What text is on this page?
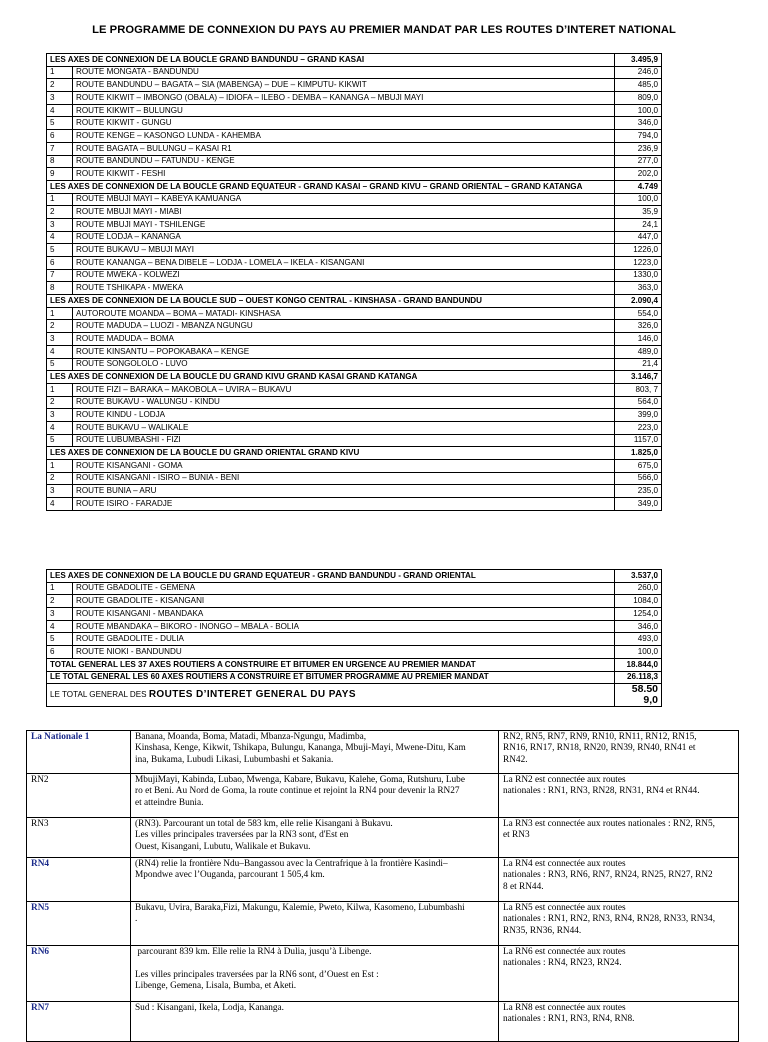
LE PROGRAMME DE CONNEXION DU PAYS AU PREMIER MANDAT PAR LES ROUTES D’INTERET NATIONAL
LES AXES DE CONNEXION DE LA BOUCLE GRAND BANDUNDU – GRAND KASAI		3.495,9
1	ROUTE MONGATA - BANDUNDU	246,0
2	ROUTE BANDUNDU – BAGATA – SIA (MABENGA) – DUE – KIMPUTU- KIKWIT	485,0
3	ROUTE KIKWIT – IMBONGO (OBALA) – IDIOFA – ILEBO - DEMBA – KANANGA – MBUJI MAYI	809,0
4	ROUTE KIKWIT – BULUNGU	100,0
5	ROUTE KIKWIT - GUNGU	346,0
6	ROUTE KENGE – KASONGO LUNDA - KAHEMBA	794,0
7	ROUTE BAGATA – BULUNGU – KASAI R1	236,9
8	ROUTE BANDUNDU – FATUNDU - KENGE	277,0
9	ROUTE KIKWIT - FESHI	202,0
LES AXES DE CONNEXION DE LA BOUCLE GRAND EQUATEUR - GRAND KASAI – GRAND KIVU – GRAND ORIENTAL – GRAND KATANGA		4.749
1	ROUTE MBUJI MAYI – KABEYA KAMUANGA	100,0
2	ROUTE MBUJI MAYI - MIABI	35,9
3	ROUTE MBUJI MAYI - TSHILENGE	24,1
4	ROUTE LODJA – KANANGA	447,0
5	ROUTE BUKAVU – MBUJI MAYI	1226,0
6	ROUTE KANANGA – BENA DIBELE – LODJA - LOMELA – IKELA - KISANGANI	1223,0
7	ROUTE MWEKA - KOLWEZI	1330,0
8	ROUTE TSHIKAPA - MWEKA	363,0
LES AXES DE CONNEXION DE LA BOUCLE SUD – OUEST KONGO CENTRAL - KINSHASA - GRAND BANDUNDU		2.090,4
1	AUTOROUTE MOANDA – BOMA – MATADI- KINSHASA	554,0
2	ROUTE MADUDA – LUOZI - MBANZA NGUNGU	326,0
3	ROUTE MADUDA – BOMA	146,0
4	ROUTE KINSANTU – POPOKABAKA – KENGE	489,0
5	ROUTE SONGOLOLO - LUVO	21,4
LES AXES DE CONNEXION DE LA BOUCLE DU GRAND KIVU GRAND KASAI GRAND KATANGA		3.146,7
1	ROUTE FIZI – BARAKA – MAKOBOLA – UVIRA – BUKAVU	803, 7
2	ROUTE BUKAVU - WALUNGU - KINDU	564,0
3	ROUTE KINDU - LODJA	399,0
4	ROUTE BUKAVU – WALIKALE	223,0
5	ROUTE LUBUMBASHI - FIZI	1157,0
LES AXES DE CONNEXION DE LA BOUCLE DU GRAND ORIENTAL GRAND KIVU		1.825,0
1	ROUTE KISANGANI - GOMA	675,0
2	ROUTE KISANGANI - ISIRO – BUNIA - BENI	566,0
3	ROUTE BUNIA – ARU	235,0
4	ROUTE ISIRO - FARADJE	349,0
LES AXES DE CONNEXION DE LA BOUCLE DU GRAND EQUATEUR - GRAND BANDUNDU - GRAND ORIENTAL		3.537,0
1	ROUTE GBADOLITE - GEMENA	260,0
2	ROUTE GBADOLITE - KISANGANI	1084,0
3	ROUTE KISANGANI - MBANDAKA	1254,0
4	ROUTE MBANDAKA – BIKORO - INONGO – MBALA - BOLIA	346,0
5	ROUTE GBADOLITE - DULIA	493,0
6	ROUTE NIOKI - BANDUNDU	100,0
TOTAL GENERAL LES 37 AXES ROUTIERS A CONSTRUIRE ET BITUMER EN URGENCE AU PREMIER MANDAT		18.844,0
LE TOTAL GENERAL LES 60 AXES ROUTIERS A CONSTRUIRE ET BITUMER PROGRAMME AU PREMIER MANDAT		26.118,3
LE TOTAL GENERAL DES ROUTES D’INTERET GENERAL DU PAYS		58.50
9,0
La Nationale 1	Banana, Moanda, Boma, Matadi, Mbanza-Ngungu, Madimba,
Kinshasa, Kenge, Kikwit, Tshikapa, Bulungu, Kananga, Mbuji-Mayi, Mwene-Ditu, Kam
ina, Bukama, Lubudi Likasi, Lubumbashi et Sakania.	RN2, RN5, RN7, RN9, RN10, RN11, RN12, RN15,
RN16, RN17, RN18, RN20, RN39, RN40, RN41 et
RN42.

RN2	MbujiMayi, Kabinda, Lubao, Mwenga, Kabare, Bukavu, Kalehe, Goma, Rutshuru, Lube
ro et Beni. Au Nord de Goma, la route continue et rejoint la RN4 pour devenir la RN27
et atteindre Bunia.	La RN2 est connectée aux routes
nationales : RN1, RN3, RN28, RN31, RN4 et RN44.

RN3	(RN3). Parcourant un total de 583 km, elle relie Kisangani à Bukavu.
Les villes principales traversées par la RN3 sont, d'Est en
Ouest, Kisangani, Lubutu, Walikale et Bukavu.	La RN3 est connectée aux routes nationales : RN2, RN5,
et RN3

RN4	(RN4) relie la frontière Ndu–Bangassou avec la Centrafrique à la frontière Kasindi–
Mpondwe avec l’Ouganda, parcourant 1 505,4 km.	La RN4 est connectée aux routes
nationales : RN3, RN6, RN7, RN24, RN25, RN27, RN2
8 et RN44.

RN5	Bukavu, Uvira, Baraka,Fizi, Makungu, Kalemie, Pweto, Kilwa, Kasomeno, Lubumbashi
.	La RN5 est connectée aux routes
nationales : RN1, RN2, RN3, RN4, RN28, RN33, RN34,
RN35, RN36, RN44.

RN6	parcourant 839 km. Elle relie la RN4 à Dulia, jusqu’à Libenge.

Les villes principales traversées par la RN6 sont, d’Ouest en Est :
Libenge, Gemena, Lisala, Bumba, et Aketi.	La RN6 est connectée aux routes
nationales : RN4, RN23, RN24.

RN7	Sud : Kisangani, Ikela, Lodja, Kananga.	La RN8 est connectée aux routes
nationales : RN1, RN3, RN4, RN8.
